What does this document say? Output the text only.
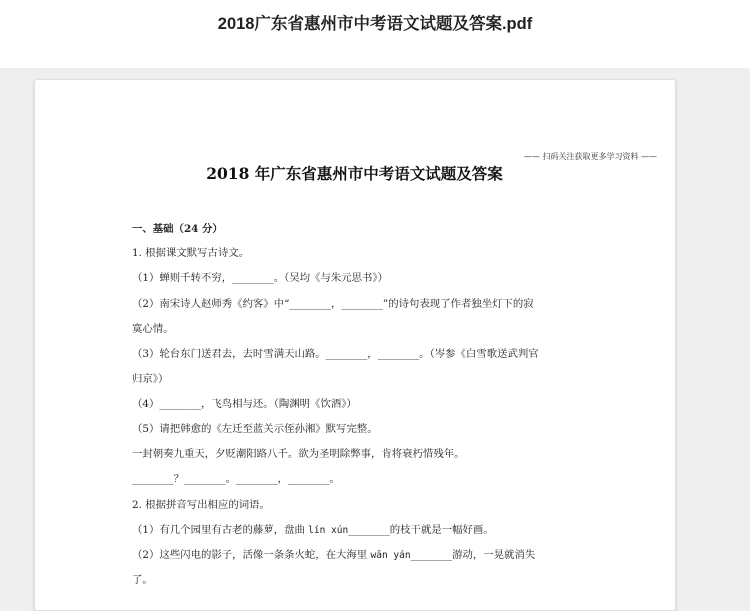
2018广东省惠州市中考语文试题及答案.pdf
—— 扫码关注获取更多学习资料 ——
2018 年广东省惠州市中考语文试题及答案
一、基础（24 分）
1. 根据课文默写古诗文。
（1）蝉则千转不穷，________。（吴均《与朱元思书》）
（2）南宋诗人赵师秀《约客》中“________，________”的诗句表现了作者独坐灯下的寂
寞心情。
（3）轮台东门送君去，去时雪满天山路。________，________。（岑参《白雪歌送武判官
归京》）
（4）________，飞鸟相与还。（陶渊明《饮酒》）
（5）请把韩愈的《左迁至蓝关示侄孙湘》默写完整。
一封朝奏九重天，夕贬潮阳路八千。欲为圣明除弊事，肯将衰朽惜残年。
________？________。________，________。
2. 根据拼音写出相应的词语。
（1）有几个园里有古老的藤萝，盘曲 lín xún________的枝干就是一幅好画。
（2）这些闪电的影子，活像一条条火蛇，在大海里 wān yán________游动，一晃就消失
了。
